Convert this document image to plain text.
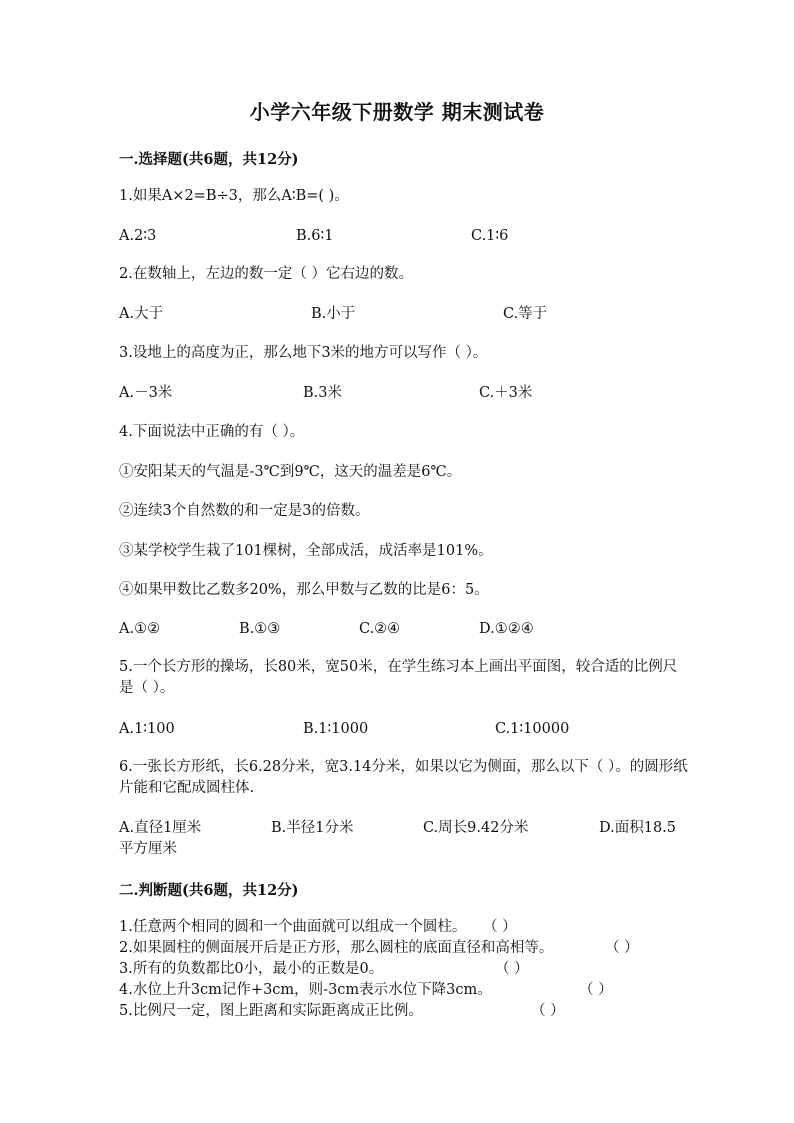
小学六年级下册数学 期末测试卷
一.选择题(共6题，共12分)
1.如果A×2=B÷3，那么A∶B=( )。
A.2∶3	B.6∶1	C.1∶6
2.在数轴上，左边的数一定（ ）它右边的数。
A.大于	B.小于	C.等于
3.设地上的高度为正，那么地下3米的地方可以写作（ ）。
A.－3米	B.3米	C.＋3米
4.下面说法中正确的有（ ）。
①安阳某天的气温是-3℃到9℃，这天的温差是6℃。
②连续3个自然数的和一定是3的倍数。
③某学校学生栽了101棵树，全部成活，成活率是101%。
④如果甲数比乙数多20%，那么甲数与乙数的比是6：5。
A.①②	B.①③	C.②④	D.①②④
5.一个长方形的操场，长80米，宽50米，在学生练习本上画出平面图，较合适的比例尺是（ ）。
A.1∶100	B.1∶1000	C.1∶10000
6.一张长方形纸，长6.28分米，宽3.14分米，如果以它为侧面，那么以下（ ）。的圆形纸片能和它配成圆柱体.
A.直径1厘米	B.半径1分米	C.周长9.42分米	D.面积18.5
平方厘米
二.判断题(共6题，共12分)
1.任意两个相同的圆和一个曲面就可以组成一个圆柱。 （ ）
2.如果圆柱的侧面展开后是正方形，那么圆柱的底面直径和高相等。	（ ）
3.所有的负数都比0小，最小的正数是0。	（ ）
4.水位上升3cm记作+3cm，则-3cm表示水位下降3cm。	（ ）
5.比例尺一定，图上距离和实际距离成正比例。	（ ）
